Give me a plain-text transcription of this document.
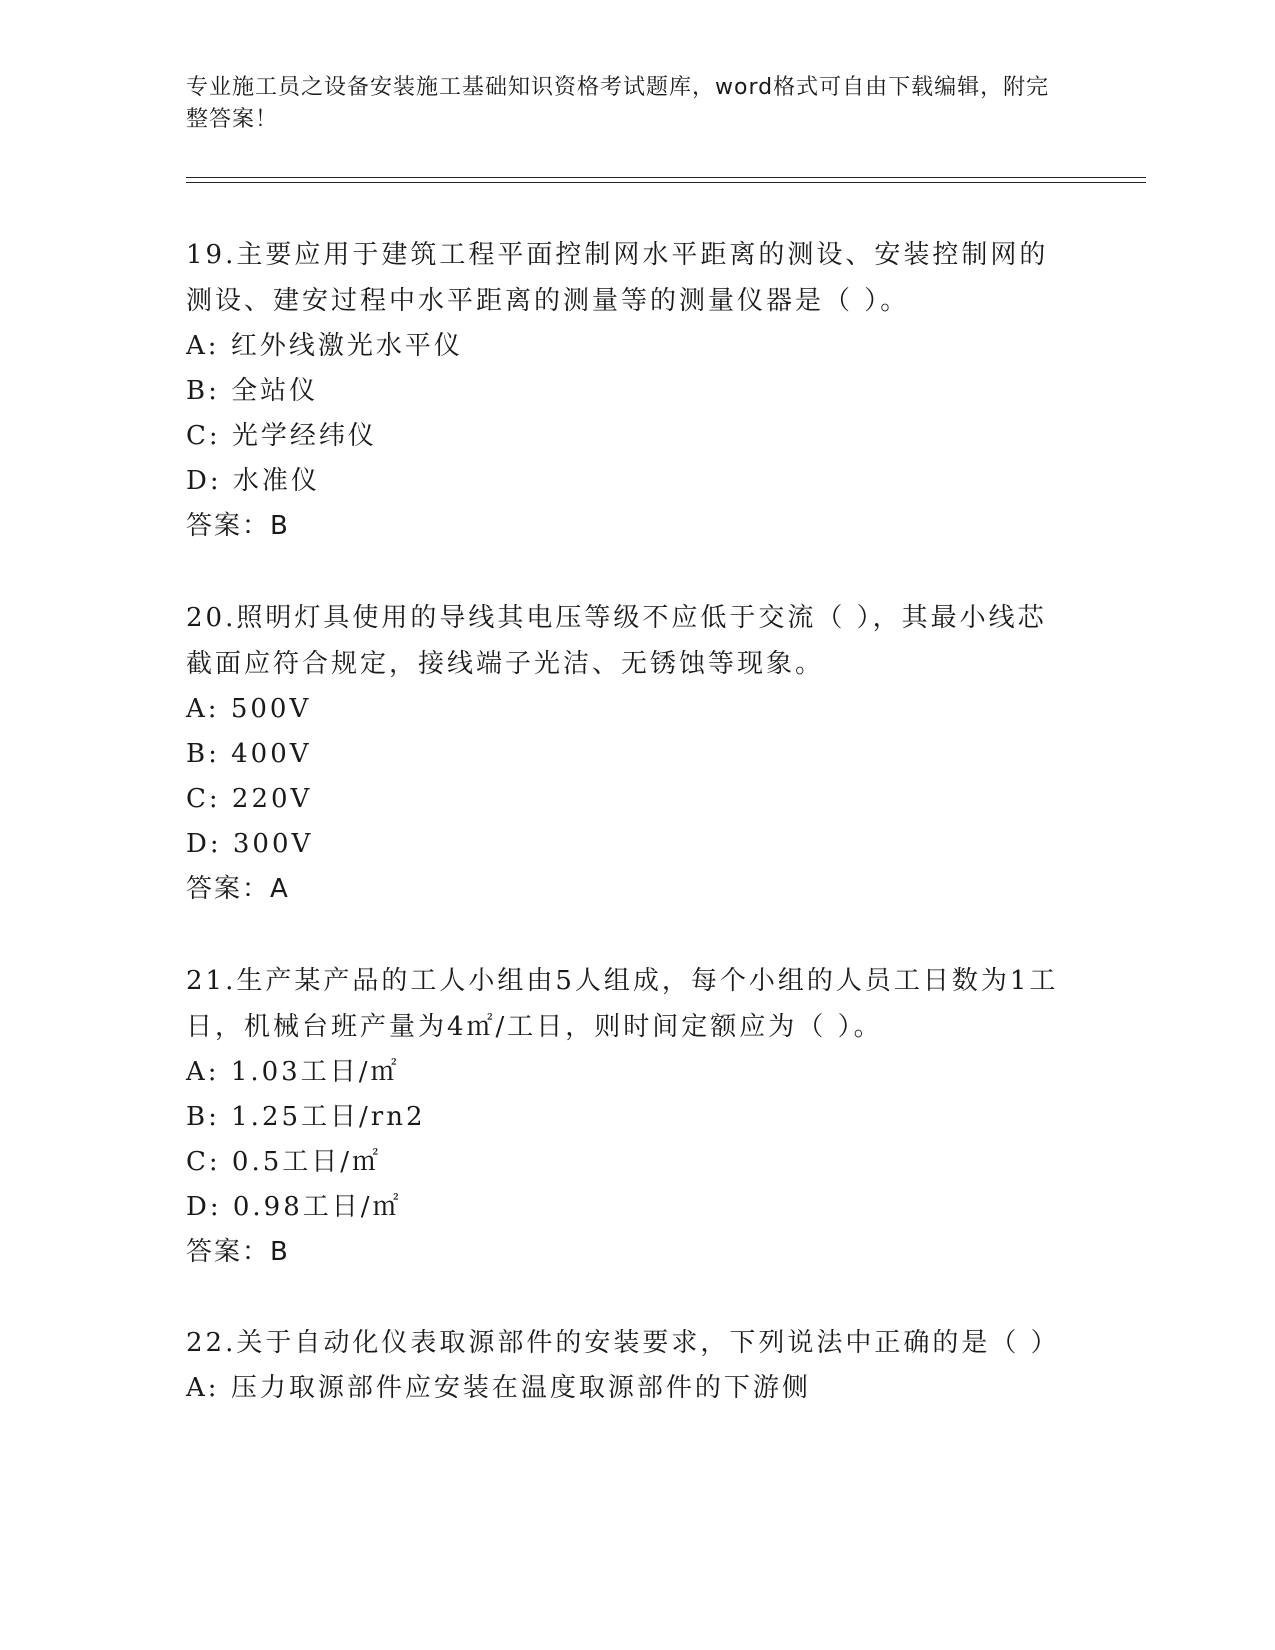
专业施工员之设备安装施工基础知识资格考试题库，word格式可自由下载编辑，附完整答案！

19.主要应用于建筑工程平面控制网水平距离的测设、安装控制网的测设、建安过程中水平距离的测量等的测量仪器是（ ）。

A: 红外线激光水平仪
B: 全站仪
C: 光学经纬仪
D: 水准仪
答案：B

20.照明灯具使用的导线其电压等级不应低于交流（ ），其最小线芯截面应符合规定，接线端子光洁、无锈蚀等现象。

A: 500V
B: 400V
C: 220V
D: 300V
答案：A

21.生产某产品的工人小组由5人组成，每个小组的人员工日数为1工日，机械台班产量为4㎡/工日，则时间定额应为（ ）。

A: 1.03工日/㎡
B: 1.25工日/rn2
C: 0.5工日/㎡
D: 0.98工日/㎡
答案：B

22.关于自动化仪表取源部件的安装要求，下列说法中正确的是（ ）

A: 压力取源部件应安装在温度取源部件的下游侧
